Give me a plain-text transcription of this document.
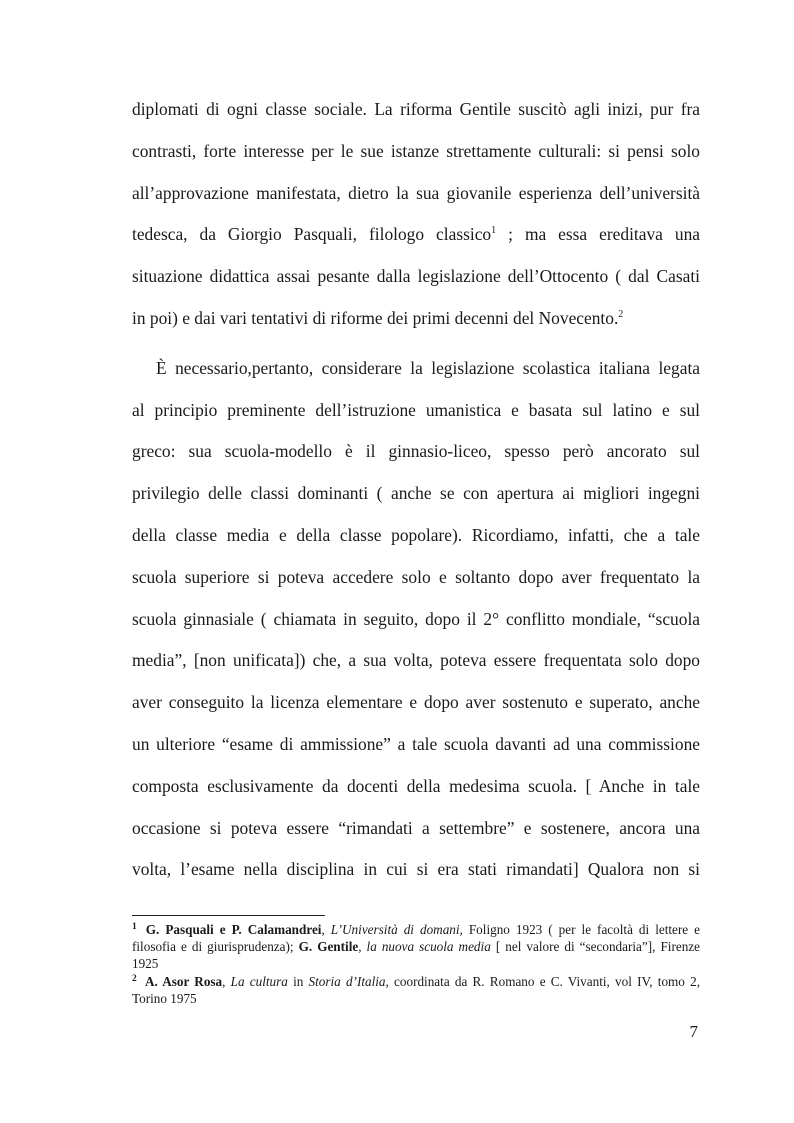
diplomati di ogni classe sociale. La riforma Gentile suscitò agli inizi, pur fra
contrasti, forte interesse per le sue istanze strettamente culturali: si pensi solo
all’approvazione manifestata, dietro la sua giovanile esperienza dell’università
tedesca, da Giorgio Pasquali, filologo classico$^1$ ; ma essa ereditava una
situazione didattica assai pesante dalla legislazione dell’Ottocento ( dal Casati
in poi) e dai vari tentativi di riforme dei primi decenni del Novecento.$^2$
È necessario,pertanto, considerare la legislazione scolastica italiana legata
al principio preminente dell’istruzione umanistica e basata sul latino e sul
greco: sua scuola-modello è il ginnasio-liceo, spesso però ancorato sul
privilegio delle classi dominanti ( anche se con apertura ai migliori ingegni
della classe media e della classe popolare). Ricordiamo, infatti, che a tale
scuola superiore si poteva accedere solo e soltanto dopo aver frequentato la
scuola ginnasiale ( chiamata in seguito, dopo il 2° conflitto mondiale, “scuola
media”, [non unificata]) che, a sua volta, poteva essere frequentata solo dopo
aver conseguito la licenza elementare e dopo aver sostenuto e superato, anche
un ulteriore “esame di ammissione” a tale scuola davanti ad una commissione
composta esclusivamente da docenti della medesima scuola. [ Anche in tale
occasione si poteva essere “rimandati a settembre” e sostenere, ancora una
volta, l’esame nella disciplina in cui si era stati rimandati] Qualora non si
$^1$ G. Pasquali e P. Calamandrei, L’Università di domani, Foligno 1923 ( per le facoltà di lettere e
filosofia e di giurisprudenza); G. Gentile, la nuova scuola media [ nel valore di “secondaria”], Firenze
1925
$^2$ A. Asor Rosa, La cultura in Storia d’Italia, coordinata da R. Romano e C. Vivanti, vol IV, tomo 2,
Torino 1975
7
